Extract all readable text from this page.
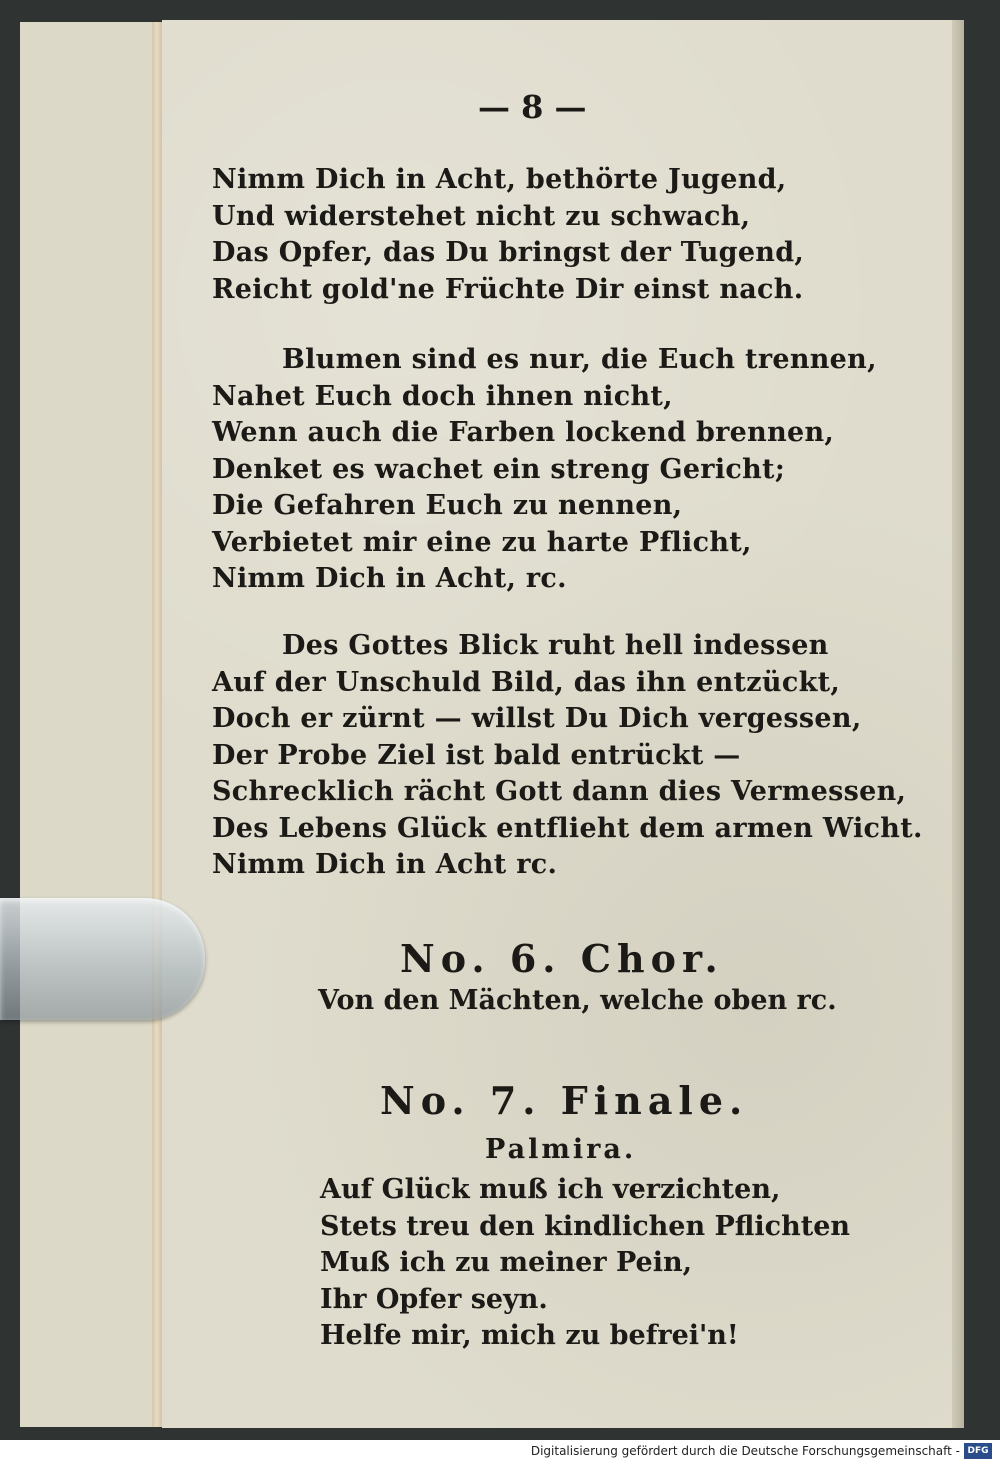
— 8 —
Nimm Dich in Acht, bethörte Jugend,
Und widerstehet nicht zu schwach,
Das Opfer, das Du bringst der Tugend,
Reicht gold'ne Früchte Dir einst nach.
Blumen sind es nur, die Euch trennen,
Nahet Euch doch ihnen nicht,
Wenn auch die Farben lockend brennen,
Denket es wachet ein streng Gericht;
Die Gefahren Euch zu nennen,
Verbietet mir eine zu harte Pflicht,
Nimm Dich in Acht, rc.
Des Gottes Blick ruht hell indessen
Auf der Unschuld Bild, das ihn entzückt,
Doch er zürnt — willst Du Dich vergessen,
Der Probe Ziel ist bald entrückt —
Schrecklich rächt Gott dann dies Vermessen,
Des Lebens Glück entflieht dem armen Wicht.
Nimm Dich in Acht rc.
No. 6. Chor.
Von den Mächten, welche oben rc.
No. 7. Finale.
Palmira.
Auf Glück muß ich verzichten,
Stets treu den kindlichen Pflichten
Muß ich zu meiner Pein,
Ihr Opfer seyn.
Helfe mir, mich zu befrei'n!
Digitalisierung gefördert durch die Deutsche Forschungsgemeinschaft - DFG
